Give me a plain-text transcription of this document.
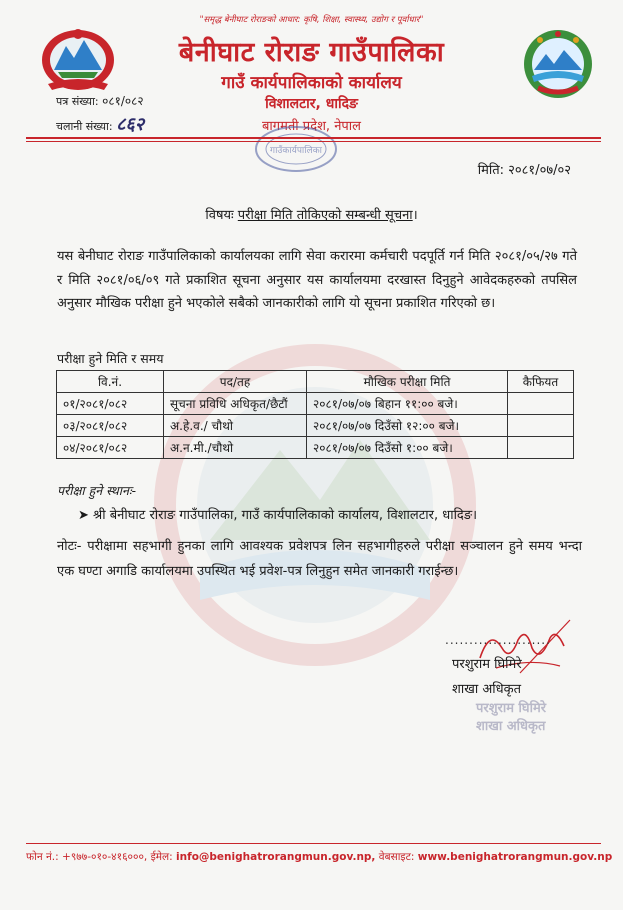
"समृद्ध बेनीघाट रोराङको आधार: कृषि, शिक्षा, स्वास्थ्य, उद्योग र पूर्वाधार"
बेनीघाट रोराङ गाउँपालिका
गाउँ कार्यपालिकाको कार्यालय
विशालटार, धादिङ
बागमती प्रदेश, नेपाल
पत्र संख्या: ०८१/०८२
चलानी संख्या: ८६२
गाउँकार्यपालिका
मिति: २०८१/०७/०२
विषयः परीक्षा मिति तोकिएको सम्बन्धी सूचना।
यस बेनीघाट रोराङ गाउँपालिकाको कार्यालयका लागि सेवा करारमा कर्मचारी पदपूर्ति गर्न मिति २०८१/०५/२७ गते र मिति २०८१/०६/०९ गते प्रकाशित सूचना अनुसार यस कार्यालयमा दरखास्त दिनुहुने आवेदकहरुको तपसिल अनुसार मौखिक परीक्षा हुने भएकोले सबैको जानकारीको लागि यो सूचना प्रकाशित गरिएको छ।
परीक्षा हुने मिति र समय
वि.नं.	पद/तह	मौखिक परीक्षा मिति	कैफियत
०१/२०८१/०८२	सूचना प्रविधि अधिकृत/छैटौं	२०८१/०७/०७ बिहान ११:०० बजे।	
०३/२०८१/०८२	अ.हे.व./ चौथो	२०८१/०७/०७ दिउँसो १२:०० बजे।	
०४/२०८१/०८२	अ.न.मी./चौथो	२०८१/०७/०७ दिउँसो १:०० बजे।	
परीक्षा हुने स्थानः-
➤ श्री बेनीघाट रोराङ गाउँपालिका, गाउँ कार्यपालिकाको कार्यालय, विशालटार, धादिङ।
नोटः- परीक्षामा सहभागी हुनका लागि आवश्यक प्रवेशपत्र लिन सहभागीहरुले परीक्षा सञ्चालन हुने समय भन्दा एक घण्टा अगाडि कार्यालयमा उपस्थित भई प्रवेश-पत्र लिनुहुन समेत जानकारी गराईन्छ।
......................
परशुराम घिमिरे
शाखा अधिकृत
परशुराम घिमिरे
शाखा अधिकृत
फोन नं.: +९७७-०१०-४१६०००, ईमेल: info@benighatrorangmun.gov.np, वेबसाइट: www.benighatrorangmun.gov.np
